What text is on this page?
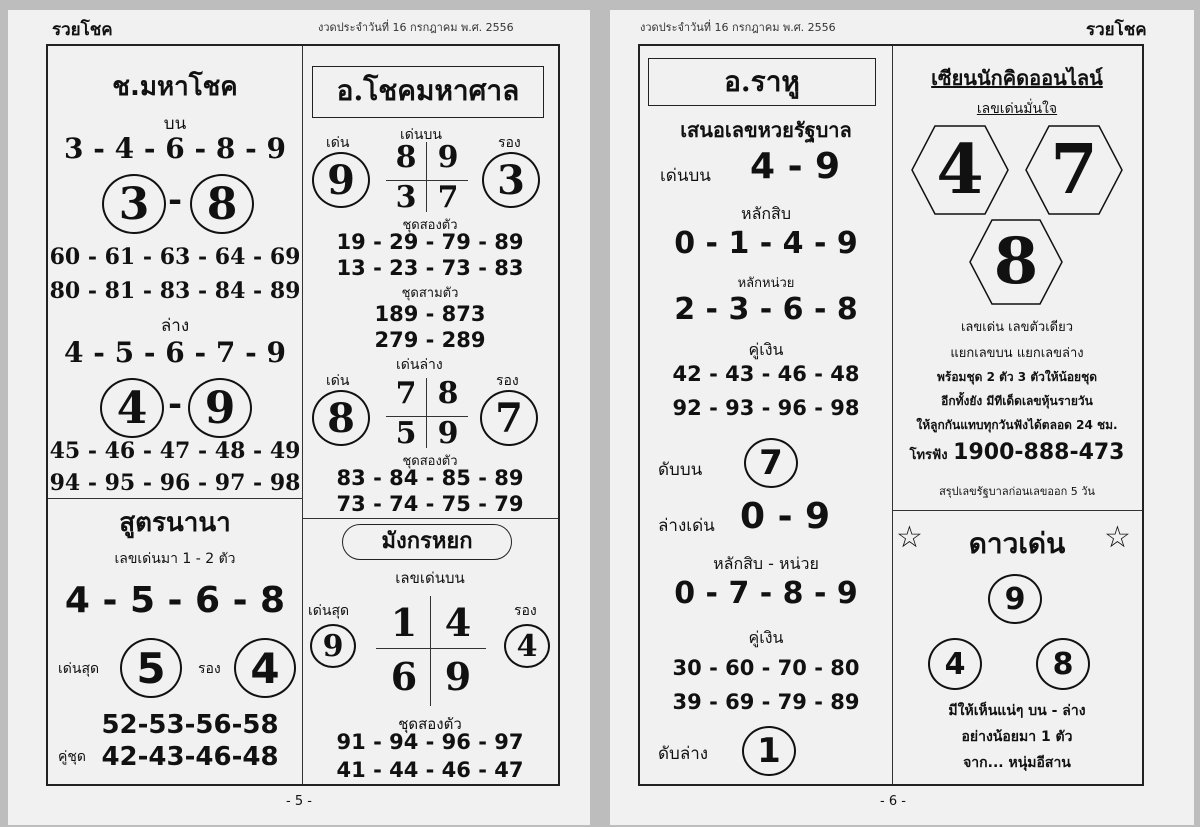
รวยโชค	งวดประจำวันที่ 16 กรกฎาคม พ.ศ. 2556
ช.มหาโชค
บน
3 - 4 - 6 - 8 - 9
3 - 8
60 - 61 - 63 - 64 - 69
80 - 81 - 83 - 84 - 89
ล่าง
4 - 5 - 6 - 7 - 9
4 - 9
45 - 46 - 47 - 48 - 49
94 - 95 - 96 - 97 - 98
สูตรนานา
เลขเด่นมา 1 - 2 ตัว
4 - 5 - 6 - 8
เด่นสุด 5	รอง 4
คู่ชุด
52-53-56-58
42-43-46-48
อ.โชคมหาศาล
เด่น	เด่นบน	รอง
9	3
8 9
3 7
ชุดสองตัว
19 - 29 - 79 - 89
13 - 23 - 73 - 83
ชุดสามตัว
189 - 873
279 - 289
เด่น
เด่นล่าง
รอง
8	7
7 8
5 9
ชุดสองตัว
83 - 84 - 85 - 89
73 - 74 - 75 - 79
มังกรหยก
เลขเด่นบน
เด่นสุด	รอง
9	4
1 4
6 9
ชุดสองตัว
91 - 94 - 96 - 97
41 - 44 - 46 - 47
- 5 -
งวดประจำวันที่ 16 กรกฎาคม พ.ศ. 2556	รวยโชค
อ.ราหู
เสนอเลขหวยรัฐบาล
เด่นบน 4 - 9
หลักสิบ
0 - 1 - 4 - 9
หลักหน่วย
2 - 3 - 6 - 8
คู่เงิน
42 - 43 - 46 - 48
92 - 93 - 96 - 98
ดับบน	7
ล่างเด่น 0 - 9
หลักสิบ - หน่วย
0 - 7 - 8 - 9
คู่เงิน
30 - 60 - 70 - 80
39 - 69 - 79 - 89
ดับล่าง	1
เซียนนักคิดออนไลน์
เลขเด่นมั่นใจ
4 7
8
เลขเด่น เลขตัวเดียว
แยกเลขบน แยกเลขล่าง
พร้อมชุด 2 ตัว 3 ตัวให้น้อยชุด
อีกทั้งยัง มีทีเด็ดเลขหุ้นรายวัน
ให้ลูกกันแทบทุกวันฟังได้ตลอด 24 ชม.
โทรฟัง 1900-888-473
สรุปเลขรัฐบาลก่อนเลขออก 5 วัน
☆	ดาวเด่น	☆
9
4	8
มีให้เห็นแน่ๆ บน - ล่าง
อย่างน้อยมา 1 ตัว
จาก... หนุ่มอีสาน
- 6 -
